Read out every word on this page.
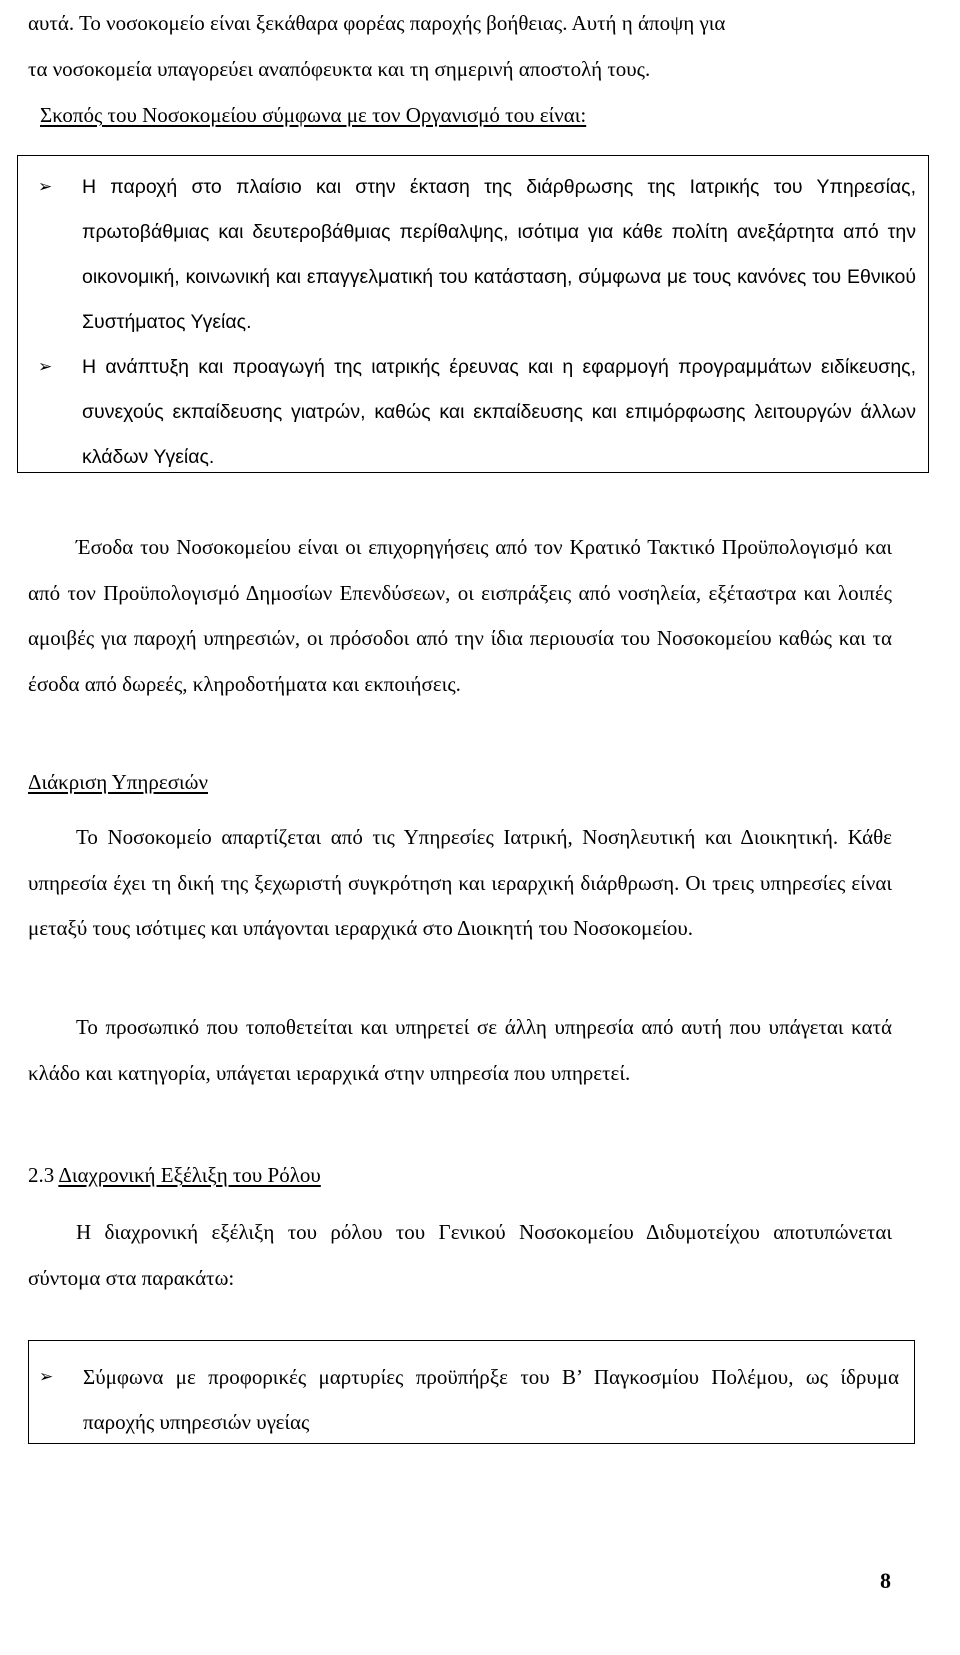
αυτά. Το νοσοκομείο είναι ξεκάθαρα φορέας παροχής βοήθειας. Αυτή η άποψη για
τα νοσοκομεία υπαγορεύει αναπόφευκτα και τη σημερινή αποστολή τους.
Σκοπός του Νοσοκομείου σύμφωνα με τον Οργανισμό του είναι:
➢ Η παροχή στο πλαίσιο και στην έκταση της διάρθρωσης της Ιατρικής του Υπηρεσίας, πρωτοβάθμιας και δευτεροβάθμιας περίθαλψης, ισότιμα για κάθε πολίτη ανεξάρτητα από την οικονομική, κοινωνική και επαγγελματική του κατάσταση, σύμφωνα με τους κανόνες του Εθνικού Συστήματος Υγείας.
➢ Η ανάπτυξη και προαγωγή της ιατρικής έρευνας και η εφαρμογή προγραμμάτων ειδίκευσης, συνεχούς εκπαίδευσης γιατρών, καθώς και εκπαίδευσης και επιμόρφωσης λειτουργών άλλων κλάδων Υγείας.
Έσοδα του Νοσοκομείου είναι οι επιχορηγήσεις από τον Κρατικό Τακτικό Προϋπολογισμό και από τον Προϋπολογισμό Δημοσίων Επενδύσεων, οι εισπράξεις από νοσηλεία, εξέταστρα και λοιπές αμοιβές για παροχή υπηρεσιών, οι πρόσοδοι από την ίδια περιουσία του Νοσοκομείου καθώς και τα έσοδα από δωρεές, κληροδοτήματα και εκποιήσεις.
Διάκριση Υπηρεσιών
Το Νοσοκομείο απαρτίζεται από τις Υπηρεσίες Ιατρική, Νοσηλευτική και Διοικητική. Κάθε υπηρεσία έχει τη δική της ξεχωριστή συγκρότηση και ιεραρχική διάρθρωση. Οι τρεις υπηρεσίες είναι μεταξύ τους ισότιμες και υπάγονται ιεραρχικά στο Διοικητή του Νοσοκομείου.
Το προσωπικό που τοποθετείται και υπηρετεί σε άλλη υπηρεσία από αυτή που υπάγεται κατά κλάδο και κατηγορία, υπάγεται ιεραρχικά στην υπηρεσία που υπηρετεί.
2.3 Διαχρονική Εξέλιξη του Ρόλου
Η διαχρονική εξέλιξη του ρόλου του Γενικού Νοσοκομείου Διδυμοτείχου αποτυπώνεται σύντομα στα παρακάτω:
➢ Σύμφωνα με προφορικές μαρτυρίες προϋπήρξε του Β’ Παγκοσμίου Πολέμου, ως ίδρυμα παροχής υπηρεσιών υγείας
8
